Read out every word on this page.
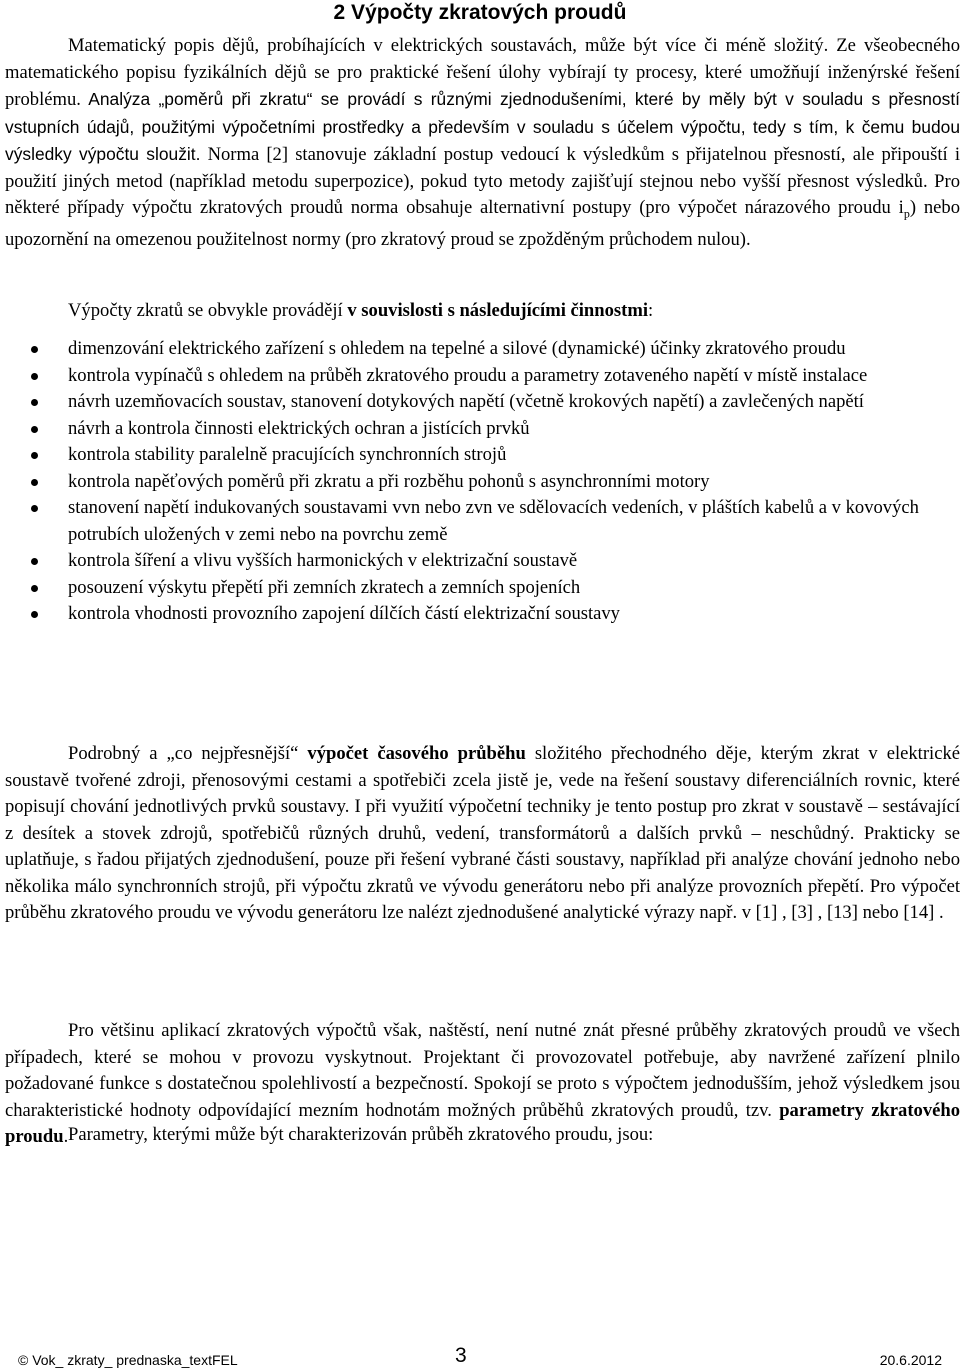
2 Výpočty zkratových proudů

Matematický popis dějů, probíhajících v elektrických soustavách, může být více či méně složitý. Ze všeobecného matematického popisu fyzikálních dějů se pro praktické řešení úlohy vybírají ty procesy, které umožňují inženýrské řešení problému. Analýza „poměrů při zkratu“ se provádí s různými zjednodušeními, které by měly být v souladu s přesností vstupních údajů, použitými výpočetními prostředky a především v souladu s účelem výpočtu, tedy s tím, k čemu budou výsledky výpočtu sloužit. Norma [2] stanovuje základní postup vedoucí k výsledkům s přijatelnou přesností, ale připouští i použití jiných metod (například metodu superpozice), pokud tyto metody zajišťují stejnou nebo vyšší přesnost výsledků. Pro některé případy výpočtu zkratových proudů norma obsahuje alternativní postupy (pro výpočet nárazového proudu $i_p$) nebo upozornění na omezenou použitelnost normy (pro zkratový proud se zpožděným průchodem nulou).

Výpočty zkratů se obvykle provádějí v souvislosti s následujícími činnostmi:

dimenzování elektrického zařízení s ohledem na tepelné a silové (dynamické) účinky zkratového proudu
kontrola vypínačů s ohledem na průběh zkratového proudu a parametry zotaveného napětí v místě instalace
návrh uzemňovacích soustav, stanovení dotykových napětí (včetně krokových napětí) a zavlečených napětí
návrh a kontrola činnosti elektrických ochran a jistících prvků
kontrola stability paralelně pracujících synchronních strojů
kontrola napěťových poměrů při zkratu a při rozběhu pohonů s asynchronními motory
stanovení napětí indukovaných soustavami vvn nebo zvn ve sdělovacích vedeních, v pláštích kabelů a v kovových potrubích uložených v zemi nebo na povrchu země
kontrola šíření a vlivu vyšších harmonických v elektrizační soustavě
posouzení výskytu přepětí při zemních zkratech a zemních spojeních
kontrola vhodnosti provozního zapojení dílčích částí elektrizační soustavy

Podrobný a „co nejpřesnější“ výpočet časového průběhu složitého přechodného děje, kterým zkrat v elektrické soustavě tvořené zdroji, přenosovými cestami a spotřebiči zcela jistě je, vede na řešení soustavy diferenciálních rovnic, které popisují chování jednotlivých prvků soustavy. I při využití výpočetní techniky je tento postup pro zkrat v soustavě – sestávající z desítek a stovek zdrojů, spotřebičů různých druhů, vedení, transformátorů a dalších prvků – neschůdný. Prakticky se uplatňuje, s řadou přijatých zjednodušení, pouze při řešení vybrané části soustavy, například při analýze chování jednoho nebo několika málo synchronních strojů, při výpočtu zkratů ve vývodu generátoru nebo při analýze provozních přepětí. Pro výpočet průběhu zkratového proudu ve vývodu generátoru lze nalézt zjednodušené analytické výrazy např. v [1] , [3] , [13] nebo [14] .

Pro většinu aplikací zkratových výpočtů však, naštěstí, není nutné znát přesné průběhy zkratových proudů ve všech případech, které se mohou v provozu vyskytnout. Projektant či provozovatel potřebuje, aby navržené zařízení plnilo požadované funkce s dostatečnou spolehlivostí a bezpečností. Spokojí se proto s výpočtem jednodušším, jehož výsledkem jsou charakteristické hodnoty odpovídající mezním hodnotám možných průběhů zkratových proudů, tzv. parametry zkratového proudu. Parametry, kterými může být charakterizován průběh zkratového proudu, jsou:

© Vok_ zkraty_ prednaska_textFEL	3	20.6.2012
